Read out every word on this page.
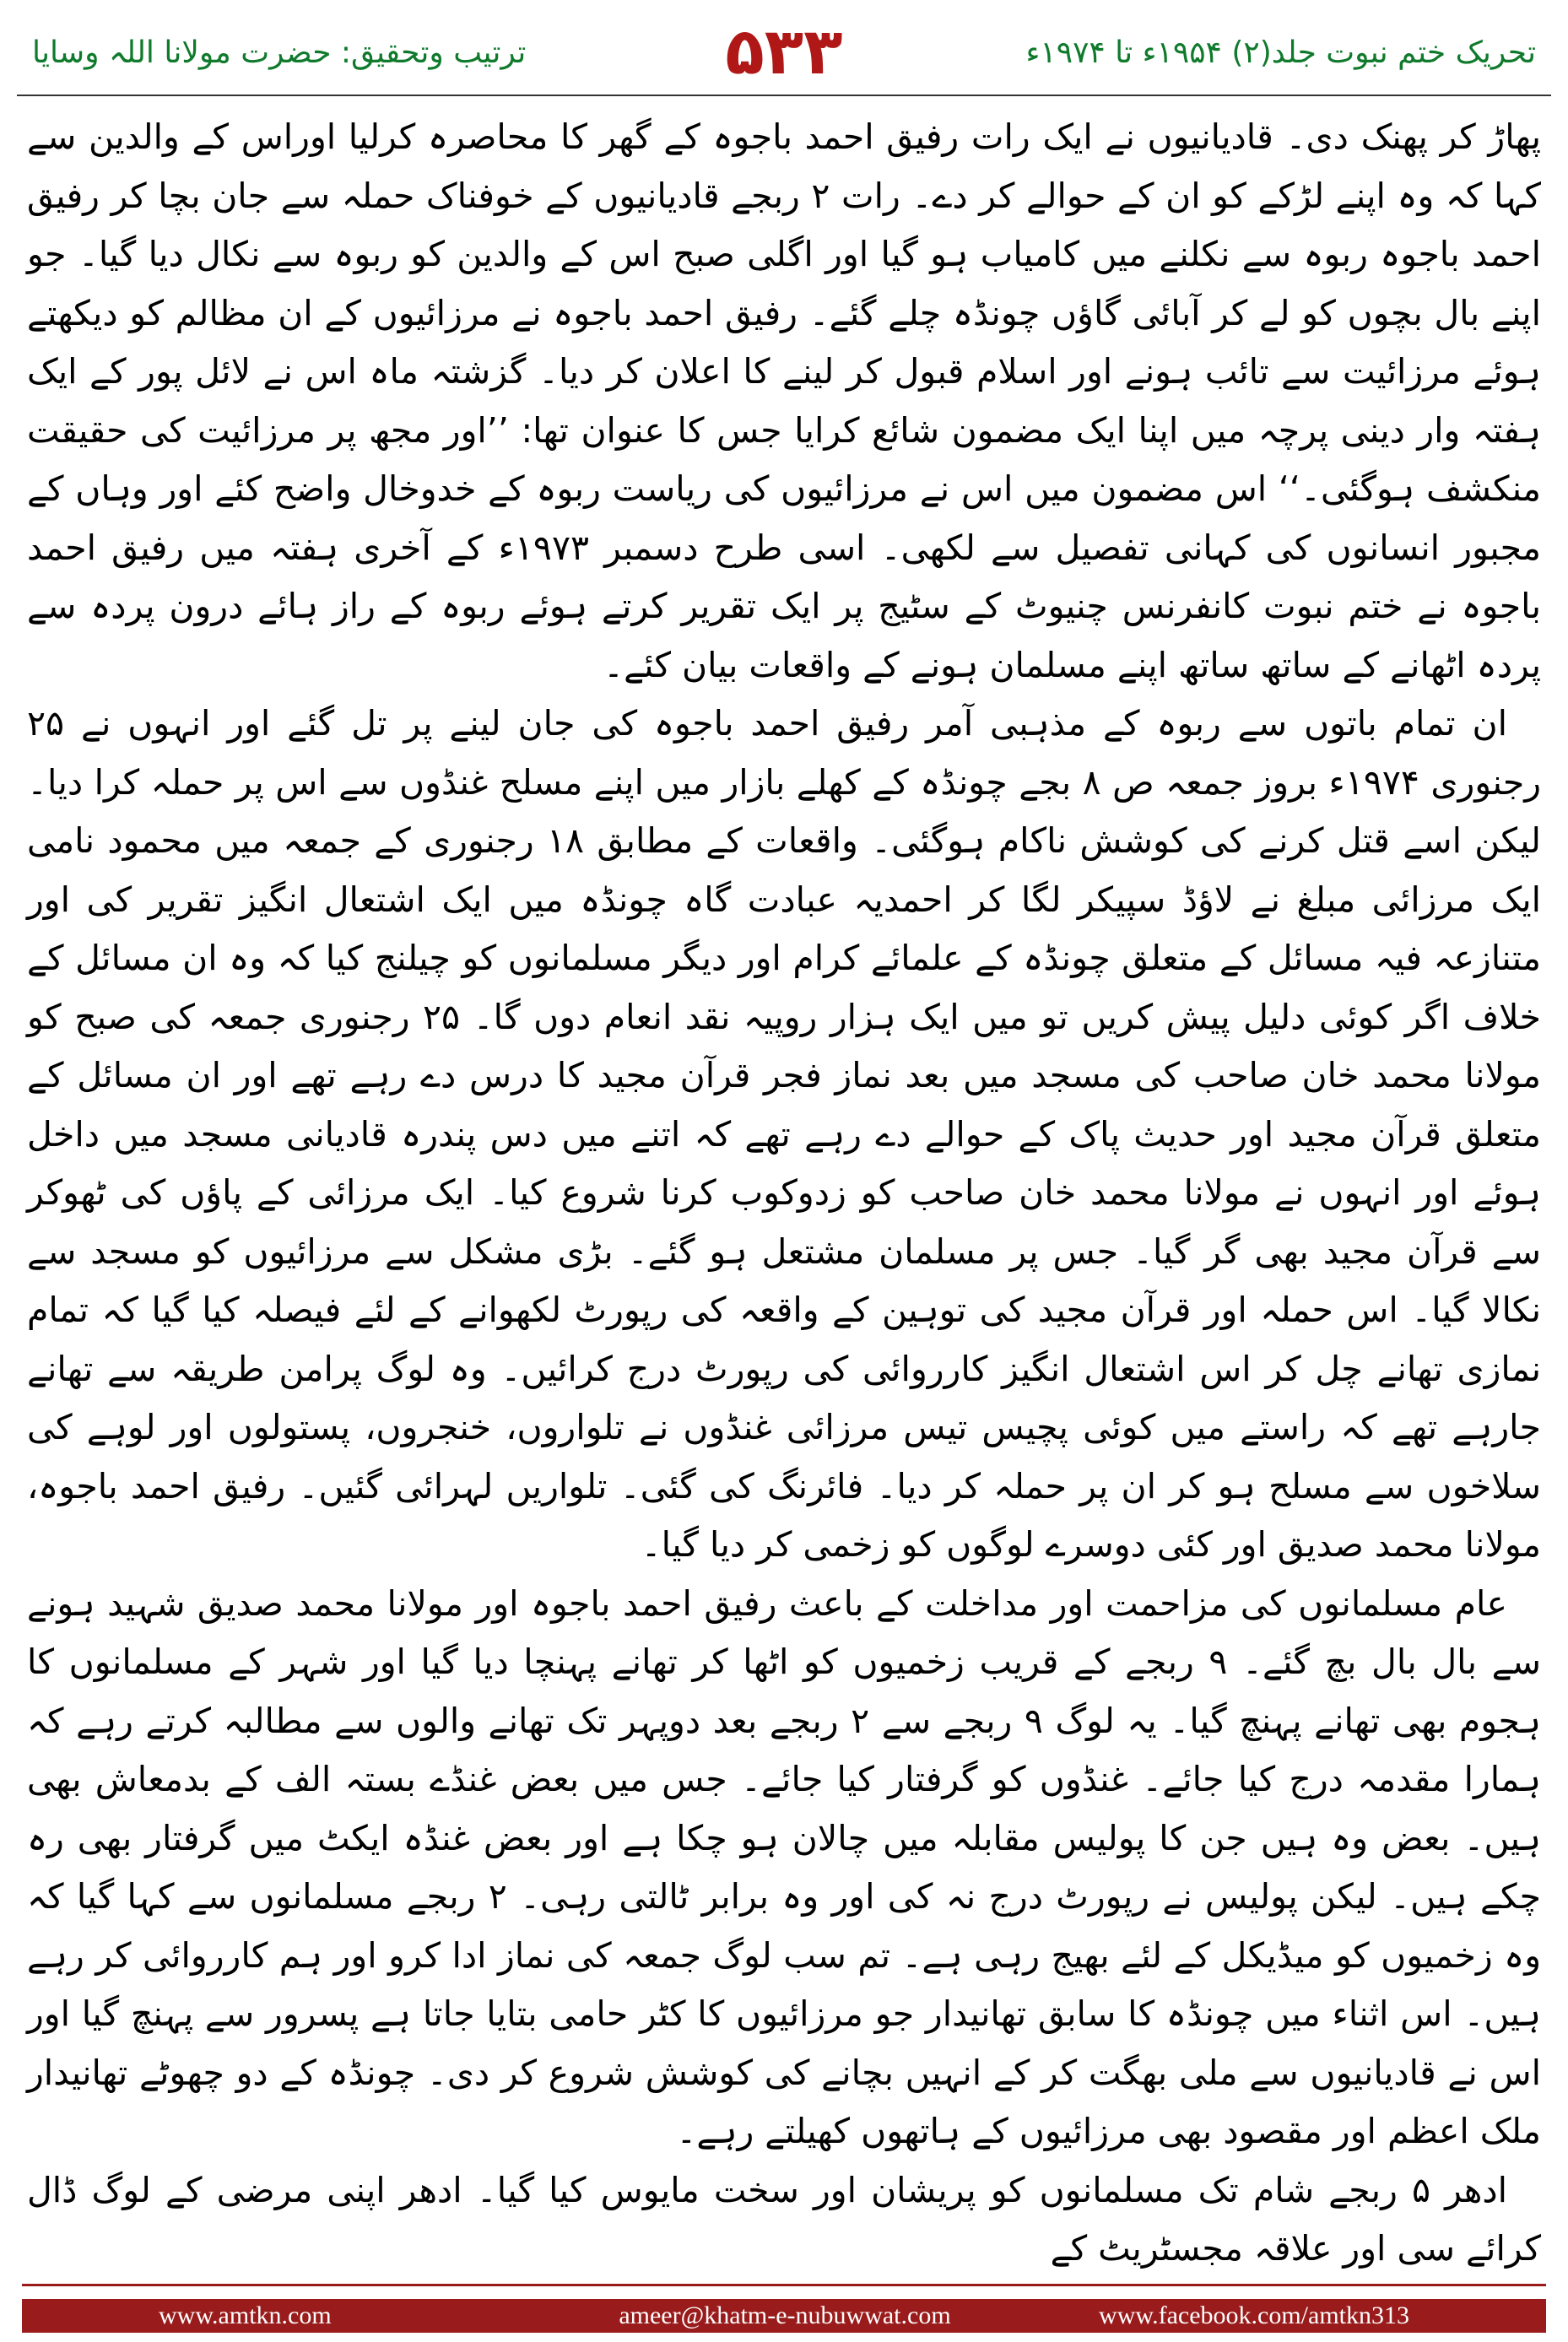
ترتیب وتحقیق: حضرت مولانا اللہ وسایا	۵۳۳	تحریک ختم نبوت جلد(۲) ۱۹۵۴ء تا ۱۹۷۴ء

پھاڑ کر پھنک دی۔ قادیانیوں نے ایک رات رفیق احمد باجوہ کے گھر کا محاصرہ کرلیا اوراس کے والدین سے کہا کہ وہ اپنے لڑکے کو ان کے حوالے کر دے۔ رات ۲ ربجے قادیانیوں کے خوفناک حملہ سے جان بچا کر رفیق احمد باجوہ ربوہ سے نکلنے میں کامیاب ہو گیا اور اگلی صبح اس کے والدین کو ربوہ سے نکال دیا گیا۔ جو اپنے بال بچوں کو لے کر آبائی گاؤں چونڈہ چلے گئے۔ رفیق احمد باجوہ نے مرزائیوں کے ان مظالم کو دیکھتے ہوئے مرزائیت سے تائب ہونے اور اسلام قبول کر لینے کا اعلان کر دیا۔ گزشتہ ماہ اس نے لائل پور کے ایک ہفتہ وار دینی پرچہ میں اپنا ایک مضمون شائع کرایا جس کا عنوان تھا: ’’اور مجھ پر مرزائیت کی حقیقت منکشف ہوگئی۔‘‘ اس مضمون میں اس نے مرزائیوں کی ریاست ربوہ کے خدوخال واضح کئے اور وہاں کے مجبور انسانوں کی کہانی تفصیل سے لکھی۔ اسی طرح دسمبر ۱۹۷۳ء کے آخری ہفتہ میں رفیق احمد باجوہ نے ختم نبوت کانفرنس چنیوٹ کے سٹیج پر ایک تقریر کرتے ہوئے ربوہ کے راز ہائے درون پردہ سے پردہ اٹھانے کے ساتھ ساتھ اپنے مسلمان ہونے کے واقعات بیان کئے۔

ان تمام باتوں سے ربوہ کے مذہبی آمر رفیق احمد باجوہ کی جان لینے پر تل گئے اور انہوں نے ۲۵ رجنوری ۱۹۷۴ء بروز جمعہ ص ۸ بجے چونڈہ کے کھلے بازار میں اپنے مسلح غنڈوں سے اس پر حملہ کرا دیا۔ لیکن اسے قتل کرنے کی کوشش ناکام ہوگئی۔ واقعات کے مطابق ۱۸ رجنوری کے جمعہ میں محمود نامی ایک مرزائی مبلغ نے لاؤڈ سپیکر لگا کر احمدیہ عبادت گاہ چونڈہ میں ایک اشتعال انگیز تقریر کی اور متنازعہ فیہ مسائل کے متعلق چونڈہ کے علمائے کرام اور دیگر مسلمانوں کو چیلنج کیا کہ وہ ان مسائل کے خلاف اگر کوئی دلیل پیش کریں تو میں ایک ہزار روپیہ نقد انعام دوں گا۔ ۲۵ رجنوری جمعہ کی صبح کو مولانا محمد خان صاحب کی مسجد میں بعد نماز فجر قرآن مجید کا درس دے رہے تھے اور ان مسائل کے متعلق قرآن مجید اور حدیث پاک کے حوالے دے رہے تھے کہ اتنے میں دس پندرہ قادیانی مسجد میں داخل ہوئے اور انہوں نے مولانا محمد خان صاحب کو زدوکوب کرنا شروع کیا۔ ایک مرزائی کے پاؤں کی ٹھوکر سے قرآن مجید بھی گر گیا۔ جس پر مسلمان مشتعل ہو گئے۔ بڑی مشکل سے مرزائیوں کو مسجد سے نکالا گیا۔ اس حملہ اور قرآن مجید کی توہین کے واقعہ کی رپورٹ لکھوانے کے لئے فیصلہ کیا گیا کہ تمام نمازی تھانے چل کر اس اشتعال انگیز کارروائی کی رپورٹ درج کرائیں۔ وہ لوگ پرامن طریقہ سے تھانے جارہے تھے کہ راستے میں کوئی پچیس تیس مرزائی غنڈوں نے تلواروں، خنجروں، پستولوں اور لوہے کی سلاخوں سے مسلح ہو کر ان پر حملہ کر دیا۔ فائرنگ کی گئی۔ تلواریں لہرائی گئیں۔ رفیق احمد باجوہ، مولانا محمد صدیق اور کئی دوسرے لوگوں کو زخمی کر دیا گیا۔

عام مسلمانوں کی مزاحمت اور مداخلت کے باعث رفیق احمد باجوہ اور مولانا محمد صدیق شہید ہونے سے بال بال بچ گئے۔ ۹ ربجے کے قریب زخمیوں کو اٹھا کر تھانے پہنچا دیا گیا اور شہر کے مسلمانوں کا ہجوم بھی تھانے پہنچ گیا۔ یہ لوگ ۹ ربجے سے ۲ ربجے بعد دوپہر تک تھانے والوں سے مطالبہ کرتے رہے کہ ہمارا مقدمہ درج کیا جائے۔ غنڈوں کو گرفتار کیا جائے۔ جس میں بعض غنڈے بستہ الف کے بدمعاش بھی ہیں۔ بعض وہ ہیں جن کا پولیس مقابلہ میں چالان ہو چکا ہے اور بعض غنڈہ ایکٹ میں گرفتار بھی رہ چکے ہیں۔ لیکن پولیس نے رپورٹ درج نہ کی اور وہ برابر ٹالتی رہی۔ ۲ ربجے مسلمانوں سے کہا گیا کہ وہ زخمیوں کو میڈیکل کے لئے بھیج رہی ہے۔ تم سب لوگ جمعہ کی نماز ادا کرو اور ہم کارروائی کر رہے ہیں۔ اس اثناء میں چونڈہ کا سابق تھانیدار جو مرزائیوں کا کٹر حامی بتایا جاتا ہے پسرور سے پہنچ گیا اور اس نے قادیانیوں سے ملی بھگت کر کے انہیں بچانے کی کوشش شروع کر دی۔ چونڈہ کے دو چھوٹے تھانیدار ملک اعظم اور مقصود بھی مرزائیوں کے ہاتھوں کھیلتے رہے۔

ادھر ۵ ربجے شام تک مسلمانوں کو پریشان اور سخت مایوس کیا گیا۔ ادھر اپنی مرضی کے لوگ ڈال کرائے سی اور علاقہ مجسٹریٹ کے

www.amtkn.com	ameer@khatm-e-nubuwwat.com	www.facebook.com/amtkn313
